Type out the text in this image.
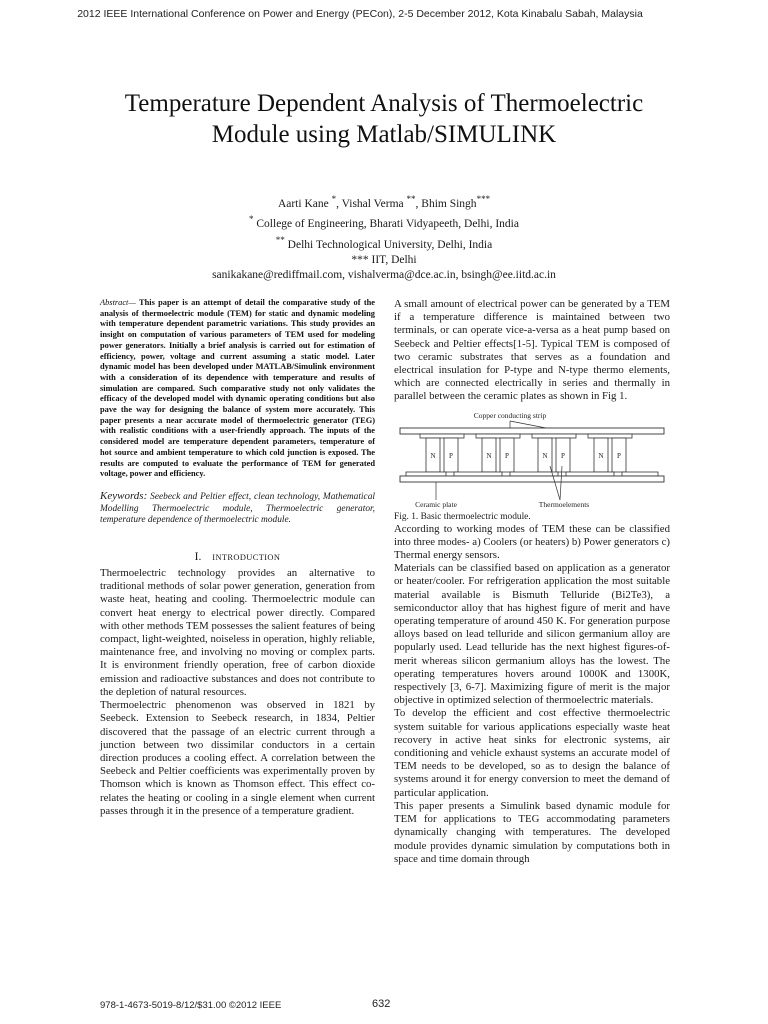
2012 IEEE International Conference on Power and Energy (PECon), 2-5 December 2012, Kota Kinabalu Sabah, Malaysia
Temperature Dependent Analysis of Thermoelectric Module using Matlab/SIMULINK
Aarti Kane *, Vishal Verma **, Bhim Singh***
* College of Engineering, Bharati Vidyapeeth, Delhi, India
** Delhi Technological University, Delhi, India
*** IIT, Delhi
sanikakane@rediffmail.com, vishalverma@dce.ac.in, bsingh@ee.iitd.ac.in

Abstract— This paper is an attempt of detail the comparative study of the analysis of thermoelectric module (TEM) for static and dynamic modeling with temperature dependent parametric variations. This study provides an insight on computation of various parameters of TEM used for modeling power generators. Initially a brief analysis is carried out for estimation of efficiency, power, voltage and current assuming a static model. Later dynamic model has been developed under MATLAB/Simulink environment with a consideration of its dependence with temperature and results of simulation are compared. Such comparative study not only validates the efficacy of the developed model with dynamic operating conditions but also pave the way for designing the balance of system more accurately. This paper presents a near accurate model of thermoelectric generator (TEG) with realistic conditions with a user-friendly approach. The inputs of the considered model are temperature dependent parameters, temperature of hot source and ambient temperature to which cold junction is exposed. The results are computed to evaluate the performance of TEM for generated voltage, power and efficiency.

Keywords: Seebeck and Peltier effect, clean technology, Mathematical Modelling Thermoelectric module, Thermoelectric generator, temperature dependence of thermoelectric module.

I. INTRODUCTION

Thermoelectric technology provides an alternative to traditional methods of solar power generation, generation from waste heat, heating and cooling. Thermoelectric module can convert heat energy to electrical power directly. Compared with other methods TEM possesses the salient features of being compact, light-weighted, noiseless in operation, highly reliable, maintenance free, and involving no moving or complex parts. It is environment friendly operation, free of carbon dioxide emission and radioactive substances and does not contribute to the depletion of natural resources.

Thermoelectric phenomenon was observed in 1821 by Seebeck. Extension to Seebeck research, in 1834, Peltier discovered that the passage of an electric current through a junction between two dissimilar conductors in a certain direction produces a cooling effect. A correlation between the Seebeck and Peltier coefficients was experimentally proven by Thomson which is known as Thomson effect. This effect co-relates the heating or cooling in a single element when current passes through it in the presence of a temperature gradient.

A small amount of electrical power can be generated by a TEM if a temperature difference is maintained between two terminals, or can operate vice-a-versa as a heat pump based on Seebeck and Peltier effects[1-5]. Typical TEM is composed of two ceramic substrates that serves as a foundation and electrical insulation for P-type and N-type thermo elements, which are connected electrically in series and thermally in parallel between the ceramic plates as shown in Fig 1.

Copper conducting strip
N P	N P	N P	N P
Ceramic plate	Thermoelements
Fig. 1. Basic thermoelectric module.

According to working modes of TEM these can be classified into three modes- a) Coolers (or heaters) b) Power generators c) Thermal energy sensors.

Materials can be classified based on application as a generator or heater/cooler. For refrigeration application the most suitable material available is Bismuth Telluride (Bi2Te3), a semiconductor alloy that has highest figure of merit and have operating temperature of around 450 K. For generation purpose alloys based on lead telluride and silicon germanium alloy are popularly used. Lead telluride has the next highest figures-of-merit whereas silicon germanium alloys has the lowest. The operating temperatures hovers around 1000K and 1300K, respectively [3, 6-7]. Maximizing figure of merit is the major objective in optimized selection of thermoelectric materials.

To develop the efficient and cost effective thermoelectric system suitable for various applications especially waste heat recovery in active heat sinks for electronic systems, air conditioning and vehicle exhaust systems an accurate model of TEM needs to be developed, so as to design the balance of systems around it for energy conversion to meet the demand of particular application.

This paper presents a Simulink based dynamic module for TEM for applications to TEG accommodating parameters dynamically changing with temperatures. The developed module provides dynamic simulation by computations both in space and time domain through

978-1-4673-5019-8/12/$31.00 ©2012 IEEE	632
